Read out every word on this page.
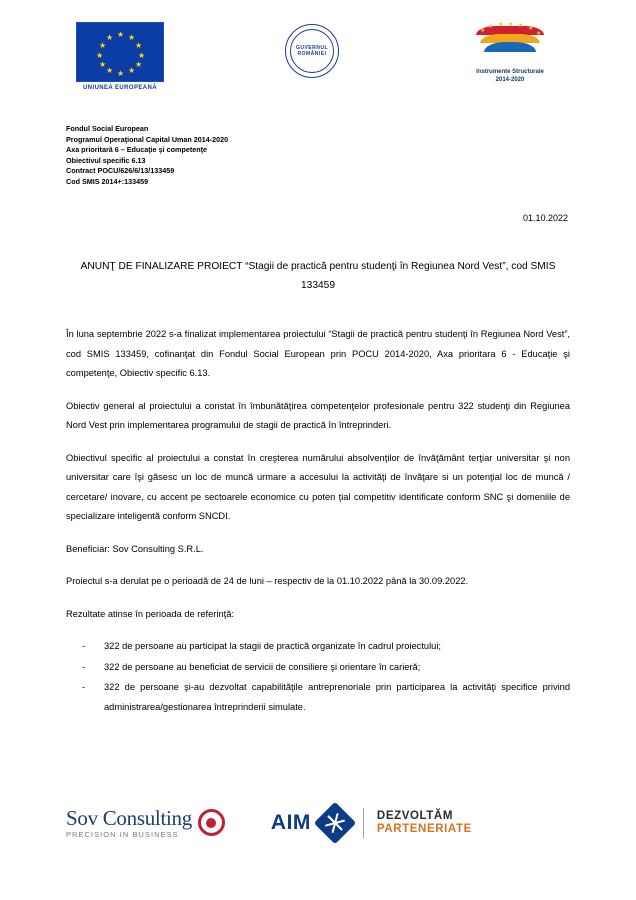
★ ★
★
★
★
★
★
★
★
★
★
★
UNIUNEA EUROPEANĂ
GUVERNUL
ROMÂNIEI
★
★ ★ ★ ★ ★
★
Instrumente Structurale
2014-2020
Fondul Social European
Programul Operaţional Capital Uman 2014-2020
Axa prioritară 6 – Educaţie şi competenţe
Obiectivul specific 6.13
Contract POCU/626/6/13/133459
Cod SMIS 2014+:133459
01.10.2022
ANUNŢ DE FINALIZARE PROIECT “Stagii de practică pentru studenţi în Regiunea Nord Vest”, cod SMIS 133459

În luna septembrie 2022 s-a finalizat implementarea proiectului “Stagii de practică pentru studenţi în Regiunea Nord Vest”, cod SMIS 133459, cofinanţat din Fondul Social European prin POCU 2014-2020, Axa prioritara 6 - Educaţie şi competenţe, Obiectiv specific 6.13.

Obiectiv general al proiectului a constat în îmbunătăţirea competenţelor profesionale pentru 322 studenţi din Regiunea Nord Vest prin implementarea programului de stagii de practică în întreprinderi.

Obiectivul specific al proiectului a constat în creşterea numărului absolvenţilor de învăţământ terţiar universitar şi non universitar care îşi găsesc un loc de muncă urmare a accesului la activităţi de învăţare si un potenţial loc de muncă / cercetare/ inovare, cu accent pe sectoarele economice cu poten ţial competitiv identificate conform SNC şi domeniile de specializare inteligentă conform SNCDI.

Beneficiar: Sov Consulting S.R.L.

Proiectul s-a derulat pe o perioadă de 24 de luni – respectiv de la 01.10.2022 până la 30.09.2022.

Rezultate atinse în perioada de referinţă:

- 322 de persoane au participat la stagii de practică organizate în cadrul proiectului;
- 322 de persoane au beneficiat de servicii de consiliere şi orientare în carieră;
- 322 de persoane şi-au dezvoltat capabilităţile antreprenoriale prin participarea la activităţi specifice privind administrarea/gestionarea întreprinderii simulate.
Sov Consulting
PRECISION IN BUSINESS
AIM	DEZVOLTĂM
PARTENERIATE
